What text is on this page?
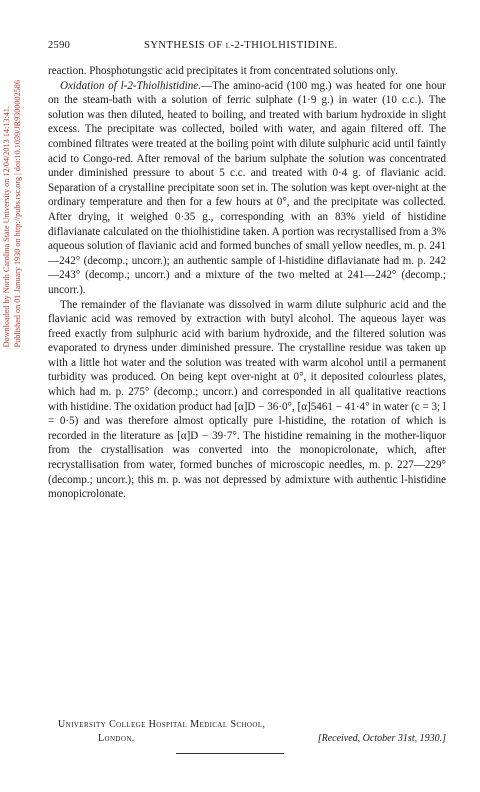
Downloaded by North Carolina State University on 12/04/2013 14:13:41. Published on 01 January 1930 on http://pubs.rsc.org | doi:10.1039/JR9300002586
2590	SYNTHESIS OF l-2-THIOLHISTIDINE.

reaction. Phosphotungstic acid precipitates it from concentrated solutions only.

Oxidation of l-2-Thiolhistidine.—The amino-acid (100 mg.) was heated for one hour on the steam-bath with a solution of ferric sulphate (1·9 g.) in water (10 c.c.). The solution was then diluted, heated to boiling, and treated with barium hydroxide in slight excess. The precipitate was collected, boiled with water, and again filtered off. The combined filtrates were treated at the boiling point with dilute sulphuric acid until faintly acid to Congo-red. After removal of the barium sulphate the solution was concentrated under diminished pressure to about 5 c.c. and treated with 0·4 g. of flavianic acid. Separation of a crystalline precipitate soon set in. The solution was kept over-night at the ordinary temperature and then for a few hours at 0°, and the precipitate was collected. After drying, it weighed 0·35 g., corresponding with an 83% yield of histidine diflavianate calculated on the thiolhistidine taken. A portion was recrystallised from a 3% aqueous solution of flavianic acid and formed bunches of small yellow needles, m. p. 241—242° (decomp.; uncorr.); an authentic sample of l-histidine diflavianate had m. p. 242—243° (decomp.; uncorr.) and a mixture of the two melted at 241—242° (decomp.; uncorr.).

The remainder of the flavianate was dissolved in warm dilute sulphuric acid and the flavianic acid was removed by extraction with butyl alcohol. The aqueous layer was freed exactly from sulphuric acid with barium hydroxide, and the filtered solution was evaporated to dryness under diminished pressure. The crystalline residue was taken up with a little hot water and the solution was treated with warm alcohol until a permanent turbidity was produced. On being kept over-night at 0°, it deposited colourless plates, which had m. p. 275° (decomp.; uncorr.) and corresponded in all qualitative reactions with histidine. The oxidation product had [α]D − 36·0°, [α]5461 − 41·4° in water (c = 3; l = 0·5) and was therefore almost optically pure l-histidine, the rotation of which is recorded in the literature as [α]D − 39·7°. The histidine remaining in the mother-liquor from the crystallisation was converted into the monopicrolonate, which, after recrystallisation from water, formed bunches of microscopic needles, m. p. 227—229° (decomp.; uncorr.); this m. p. was not depressed by admixture with authentic l-histidine monopicrolonate.

University College Hospital Medical School,
London.	[Received, October 31st, 1930.]
